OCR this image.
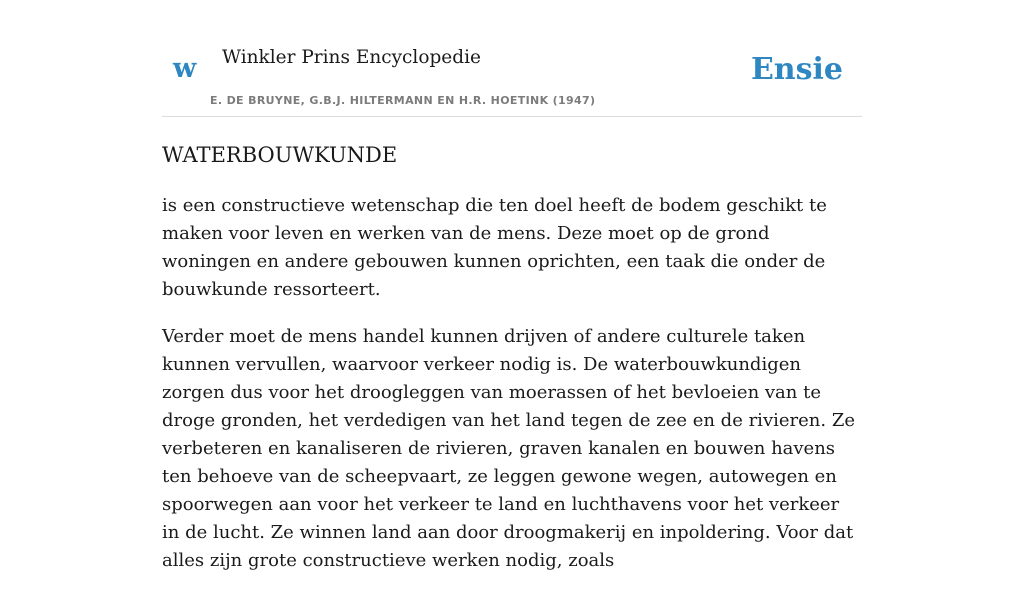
w Winkler Prins Encyclopedie
E. DE BRUYNE, G.B.J. HILTERMANN EN H.R. HOETINK (1947)
Ensie
WATERBOUWKUNDE

is een constructieve wetenschap die ten doel heeft de bodem geschikt te maken voor leven en werken van de mens. Deze moet op de grond woningen en andere gebouwen kunnen oprichten, een taak die onder de bouwkunde ressorteert.

Verder moet de mens handel kunnen drijven of andere culturele taken kunnen vervullen, waarvoor verkeer nodig is. De waterbouwkundigen zorgen dus voor het droogleggen van moerassen of het bevloeien van te droge gronden, het verdedigen van het land tegen de zee en de rivieren. Ze verbeteren en kanaliseren de rivieren, graven kanalen en bouwen havens ten behoeve van de scheepvaart, ze leggen gewone wegen, autowegen en spoorwegen aan voor het verkeer te land en luchthavens voor het verkeer in de lucht. Ze winnen land aan door droogmakerij en inpoldering. Voor dat alles zijn grote constructieve werken nodig, zoals
